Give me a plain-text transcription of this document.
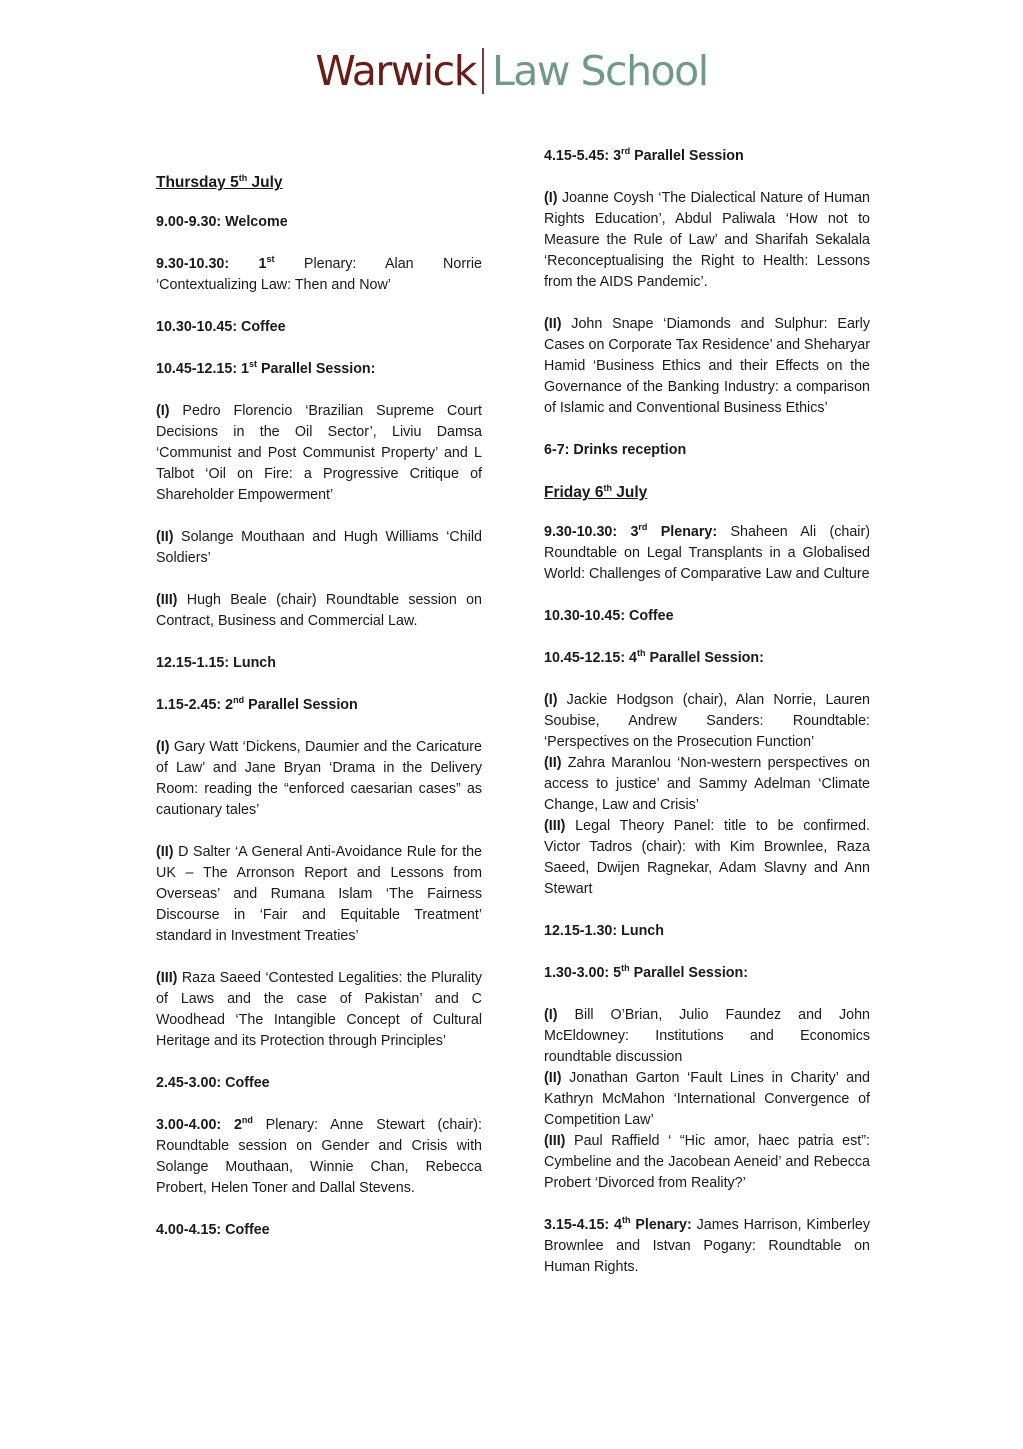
Warwick Law School
Thursday 5th July
9.00-9.30: Welcome
9.30-10.30: 1st Plenary: Alan Norrie ‘Contextualizing Law: Then and Now’
10.30-10.45: Coffee
10.45-12.15: 1st Parallel Session:
(I) Pedro Florencio ‘Brazilian Supreme Court Decisions in the Oil Sector’, Liviu Damsa ‘Communist and Post Communist Property’ and L Talbot ‘Oil on Fire: a Progressive Critique of Shareholder Empowerment’
(II) Solange Mouthaan and Hugh Williams ‘Child Soldiers’
(III) Hugh Beale (chair) Roundtable session on Contract, Business and Commercial Law.
12.15-1.15: Lunch
1.15-2.45: 2nd Parallel Session
(I) Gary Watt ‘Dickens, Daumier and the Caricature of Law’ and Jane Bryan ‘Drama in the Delivery Room: reading the “enforced caesarian cases” as cautionary tales’
(II) D Salter ‘A General Anti-Avoidance Rule for the UK – The Arronson Report and Lessons from Overseas’ and Rumana Islam ‘The Fairness Discourse in ‘Fair and Equitable Treatment’ standard in Investment Treaties’
(III) Raza Saeed ‘Contested Legalities: the Plurality of Laws and the case of Pakistan’ and C Woodhead ‘The Intangible Concept of Cultural Heritage and its Protection through Principles’
2.45-3.00: Coffee
3.00-4.00: 2nd Plenary: Anne Stewart (chair): Roundtable session on Gender and Crisis with Solange Mouthaan, Winnie Chan, Rebecca Probert, Helen Toner and Dallal Stevens.
4.00-4.15: Coffee
4.15-5.45: 3rd Parallel Session
(I) Joanne Coysh ‘The Dialectical Nature of Human Rights Education’, Abdul Paliwala ‘How not to Measure the Rule of Law’ and Sharifah Sekalala ‘Reconceptualising the Right to Health: Lessons from the AIDS Pandemic’.
(II) John Snape ‘Diamonds and Sulphur: Early Cases on Corporate Tax Residence’ and Sheharyar Hamid ‘Business Ethics and their Effects on the Governance of the Banking Industry: a comparison of Islamic and Conventional Business Ethics’
6-7: Drinks reception
Friday 6th July
9.30-10.30: 3rd Plenary: Shaheen Ali (chair) Roundtable on Legal Transplants in a Globalised World: Challenges of Comparative Law and Culture
10.30-10.45: Coffee
10.45-12.15: 4th Parallel Session:
(I) Jackie Hodgson (chair), Alan Norrie, Lauren Soubise, Andrew Sanders: Roundtable: ‘Perspectives on the Prosecution Function’
(II) Zahra Maranlou ‘Non-western perspectives on access to justice’ and Sammy Adelman ‘Climate Change, Law and Crisis’
(III) Legal Theory Panel: title to be confirmed. Victor Tadros (chair): with Kim Brownlee, Raza Saeed, Dwijen Ragnekar, Adam Slavny and Ann Stewart
12.15-1.30: Lunch
1.30-3.00: 5th Parallel Session:
(I) Bill O’Brian, Julio Faundez and John McEldowney: Institutions and Economics roundtable discussion
(II) Jonathan Garton ‘Fault Lines in Charity’ and Kathryn McMahon ‘International Convergence of Competition Law’
(III) Paul Raffield ‘ “Hic amor, haec patria est”: Cymbeline and the Jacobean Aeneid’ and Rebecca Probert ‘Divorced from Reality?’
3.15-4.15: 4th Plenary: James Harrison, Kimberley Brownlee and Istvan Pogany: Roundtable on Human Rights.
